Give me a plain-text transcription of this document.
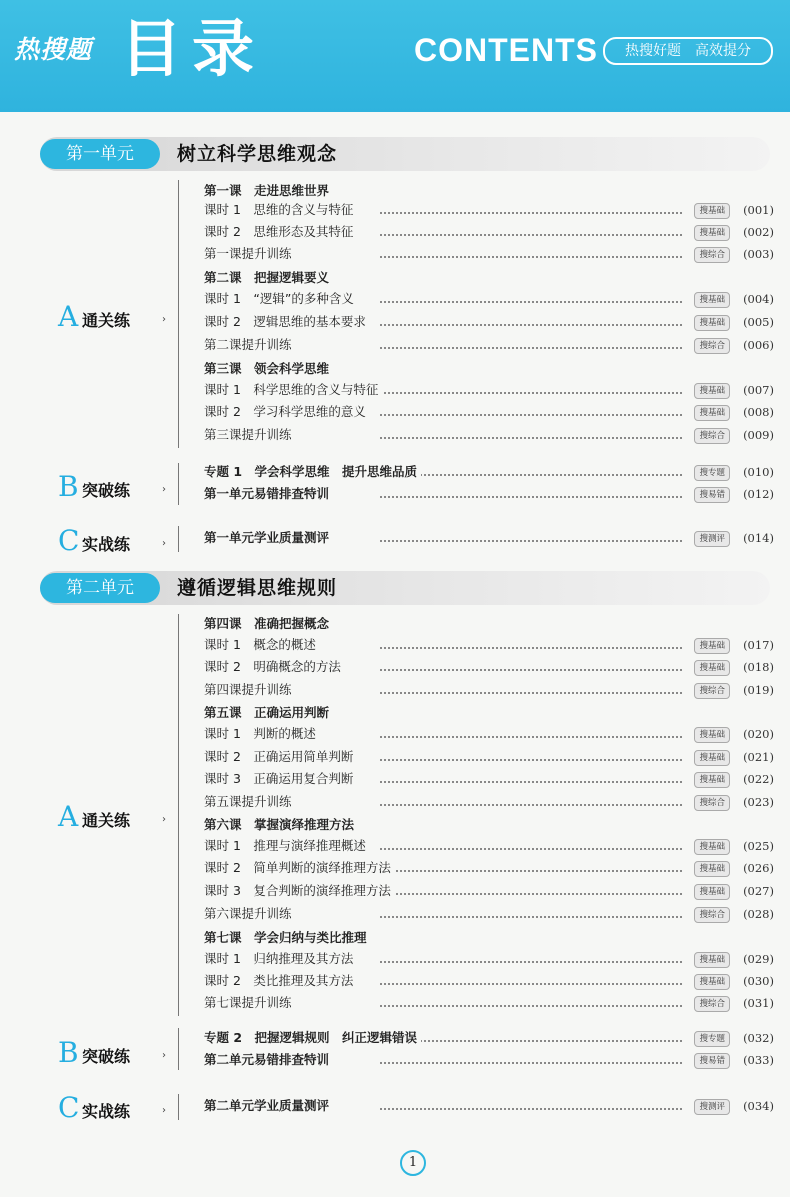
热搜题 目录	CONTENTS	热搜好题　高效提分
第一单元	树立科学思维观念
A 通关练	›
B 突破练	›
C 实战练	›
第一课　走进思维世界
课时 1　思维的含义与特征	搜基础	(001)
课时 2　思维形态及其特征	搜基础	(002)
第一课提升训练	搜综合	(003)
第二课　把握逻辑要义
课时 1　“逻辑”的多种含义	搜基础	(004)
课时 2　逻辑思维的基本要求	搜基础	(005)
第二课提升训练	搜综合	(006)
第三课　领会科学思维
课时 1　科学思维的含义与特征	搜基础	(007)
课时 2　学习科学思维的意义	搜基础	(008)
第三课提升训练	搜综合	(009)
专题 1　学会科学思维　提升思维品质	搜专题	(010)
第一单元易错排查特训	搜易错	(012)
第一单元学业质量测评	搜测评	(014)
第二单元	遵循逻辑思维规则
A 通关练	›
B 突破练	›
C 实战练	›
第四课　准确把握概念
课时 1　概念的概述	搜基础	(017)
课时 2　明确概念的方法	搜基础	(018)
第四课提升训练	搜综合	(019)
第五课　正确运用判断
课时 1　判断的概述	搜基础	(020)
课时 2　正确运用简单判断	搜基础	(021)
课时 3　正确运用复合判断	搜基础	(022)
第五课提升训练	搜综合	(023)
第六课　掌握演绎推理方法
课时 1　推理与演绎推理概述	搜基础	(025)
课时 2　简单判断的演绎推理方法	搜基础	(026)
课时 3　复合判断的演绎推理方法	搜基础	(027)
第六课提升训练	搜综合	(028)
第七课　学会归纳与类比推理
课时 1　归纳推理及其方法	搜基础	(029)
课时 2　类比推理及其方法	搜基础	(030)
第七课提升训练	搜综合	(031)
专题 2　把握逻辑规则　纠正逻辑错误	搜专题	(032)
第二单元易错排查特训	搜易错	(033)
第二单元学业质量测评	搜测评	(034)
1
